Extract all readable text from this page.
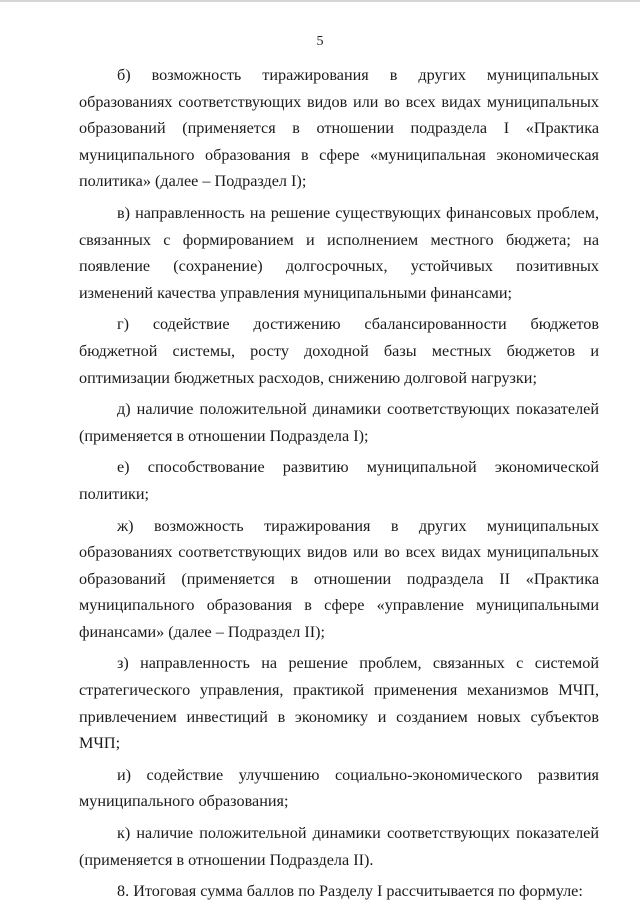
5

б) возможность тиражирования в других муниципальных образованиях соответствующих видов или во всех видах муниципальных образований (применяется в отношении подраздела I «Практика муниципального образования в сфере «муниципальная экономическая политика» (далее – Подраздел I);

в) направленность на решение существующих финансовых проблем, связанных с формированием и исполнением местного бюджета; на появление (сохранение) долгосрочных, устойчивых позитивных изменений качества управления муниципальными финансами;

г) содействие достижению сбалансированности бюджетов бюджетной системы, росту доходной базы местных бюджетов и оптимизации бюджетных расходов, снижению долговой нагрузки;

д) наличие положительной динамики соответствующих показателей (применяется в отношении Подраздела I);

е) способствование развитию муниципальной экономической политики;

ж) возможность тиражирования в других муниципальных образованиях соответствующих видов или во всех видах муниципальных образований (применяется в отношении подраздела II «Практика муниципального образования в сфере «управление муниципальными финансами» (далее – Подраздел II);

з) направленность на решение проблем, связанных с системой стратегического управления, практикой применения механизмов МЧП, привлечением инвестиций в экономику и созданием новых субъектов МЧП;

и) содействие улучшению социально-экономического развития муниципального образования;

к) наличие положительной динамики соответствующих показателей (применяется в отношении Подраздела II).

8. Итоговая сумма баллов по Разделу I рассчитывается по формуле:
